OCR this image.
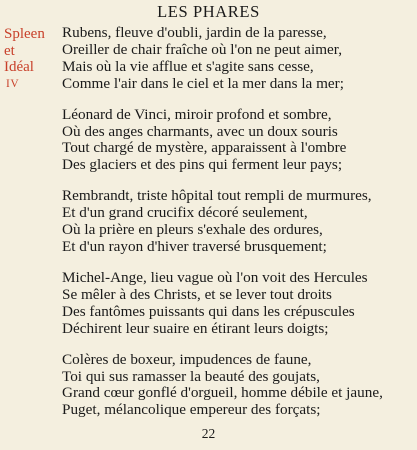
LES PHARES
Spleen
et
Idéal
IV
Rubens, fleuve d'oubli, jardin de la paresse,
Oreiller de chair fraîche où l'on ne peut aimer,
Mais où la vie afflue et s'agite sans cesse,
Comme l'air dans le ciel et la mer dans la mer;
Léonard de Vinci, miroir profond et sombre,
Où des anges charmants, avec un doux souris
Tout chargé de mystère, apparaissent à l'ombre
Des glaciers et des pins qui ferment leur pays;
Rembrandt, triste hôpital tout rempli de murmures,
Et d'un grand crucifix décoré seulement,
Où la prière en pleurs s'exhale des ordures,
Et d'un rayon d'hiver traversé brusquement;
Michel-Ange, lieu vague où l'on voit des Hercules
Se mêler à des Christs, et se lever tout droits
Des fantômes puissants qui dans les crépuscules
Déchirent leur suaire en étirant leurs doigts;
Colères de boxeur, impudences de faune,
Toi qui sus ramasser la beauté des goujats,
Grand cœur gonflé d'orgueil, homme débile et jaune,
Puget, mélancolique empereur des forçats;
22
